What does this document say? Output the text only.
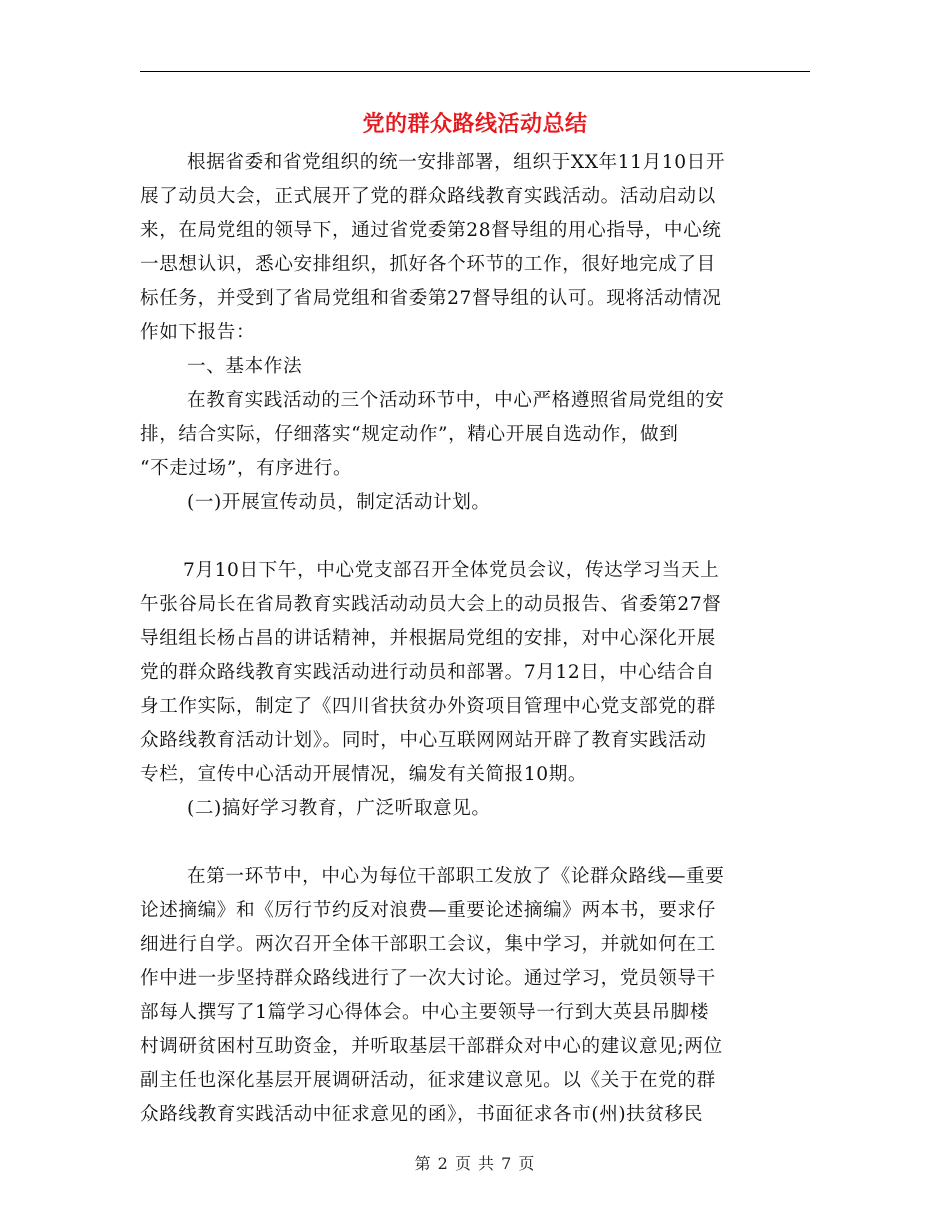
党的群众路线活动总结
根据省委和省党组织的统一安排部署，组织于XX年11月10日开
展了动员大会，正式展开了党的群众路线教育实践活动。活动启动以
来，在局党组的领导下，通过省党委第28督导组的用心指导，中心统
一思想认识，悉心安排组织，抓好各个环节的工作，很好地完成了目
标任务，并受到了省局党组和省委第27督导组的认可。现将活动情况
作如下报告：
一、基本作法
在教育实践活动的三个活动环节中，中心严格遵照省局党组的安
排，结合实际，仔细落实“规定动作”，精心开展自选动作，做到
“不走过场”，有序进行。
(一)开展宣传动员，制定活动计划。
7月10日下午，中心党支部召开全体党员会议，传达学习当天上
午张谷局长在省局教育实践活动动员大会上的动员报告、省委第27督
导组组长杨占昌的讲话精神，并根据局党组的安排，对中心深化开展
党的群众路线教育实践活动进行动员和部署。7月12日，中心结合自
身工作实际，制定了《四川省扶贫办外资项目管理中心党支部党的群
众路线教育活动计划》。同时，中心互联网网站开辟了教育实践活动
专栏，宣传中心活动开展情况，编发有关简报10期。
(二)搞好学习教育，广泛听取意见。
在第一环节中，中心为每位干部职工发放了《论群众路线—重要
论述摘编》和《厉行节约反对浪费—重要论述摘编》两本书，要求仔
细进行自学。两次召开全体干部职工会议，集中学习，并就如何在工
作中进一步坚持群众路线进行了一次大讨论。通过学习，党员领导干
部每人撰写了1篇学习心得体会。中心主要领导一行到大英县吊脚楼
村调研贫困村互助资金，并听取基层干部群众对中心的建议意见;两位
副主任也深化基层开展调研活动，征求建议意见。以《关于在党的群
众路线教育实践活动中征求意见的函》，书面征求各市(州)扶贫移民
第 2 页 共 7 页
